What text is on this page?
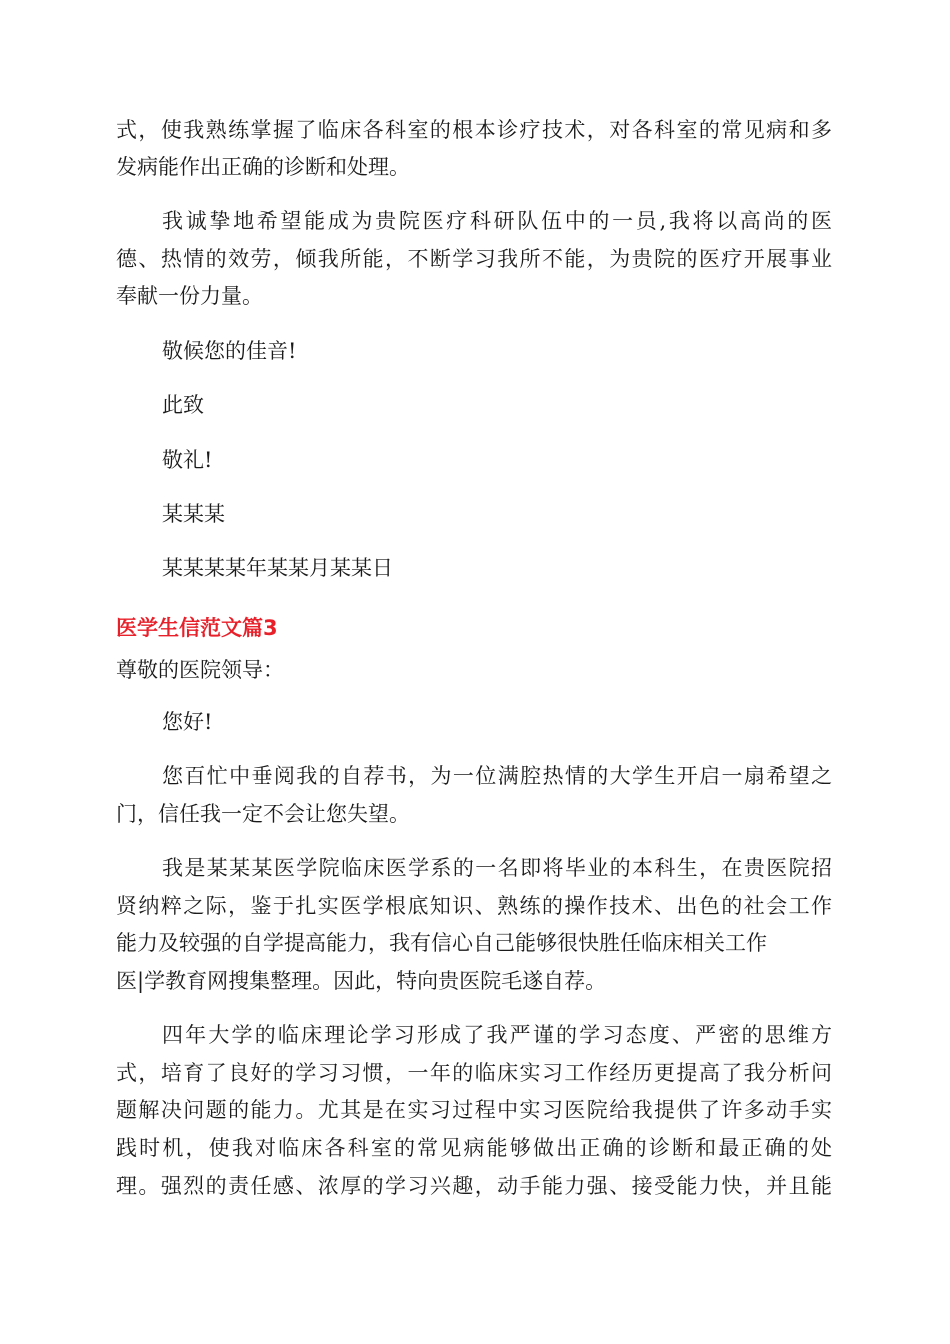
式，使我熟练掌握了临床各科室的根本诊疗技术，对各科室的常见病和多
发病能作出正确的诊断和处理。
我诚挚地希望能成为贵院医疗科研队伍中的一员,我将以高尚的医
德、热情的效劳，倾我所能，不断学习我所不能，为贵院的医疗开展事业
奉献一份力量。
敬候您的佳音!
此致
敬礼!
某某某
某某某某年某某月某某日
医学生信范文篇3
尊敬的医院领导：
您好!
您百忙中垂阅我的自荐书，为一位满腔热情的大学生开启一扇希望之
门，信任我一定不会让您失望。
我是某某某医学院临床医学系的一名即将毕业的本科生，在贵医院招
贤纳粹之际，鉴于扎实医学根底知识、熟练的操作技术、出色的社会工作
能力及较强的自学提高能力，我有信心自己能够很快胜任临床相关工作
医|学教育网搜集整理。因此，特向贵医院毛遂自荐。
四年大学的临床理论学习形成了我严谨的学习态度、严密的思维方
式，培育了良好的学习习惯，一年的临床实习工作经历更提高了我分析问
题解决问题的能力。尤其是在实习过程中实习医院给我提供了许多动手实
践时机，使我对临床各科室的常见病能够做出正确的诊断和最正确的处
理。强烈的责任感、浓厚的学习兴趣，动手能力强、接受能力快，并且能
